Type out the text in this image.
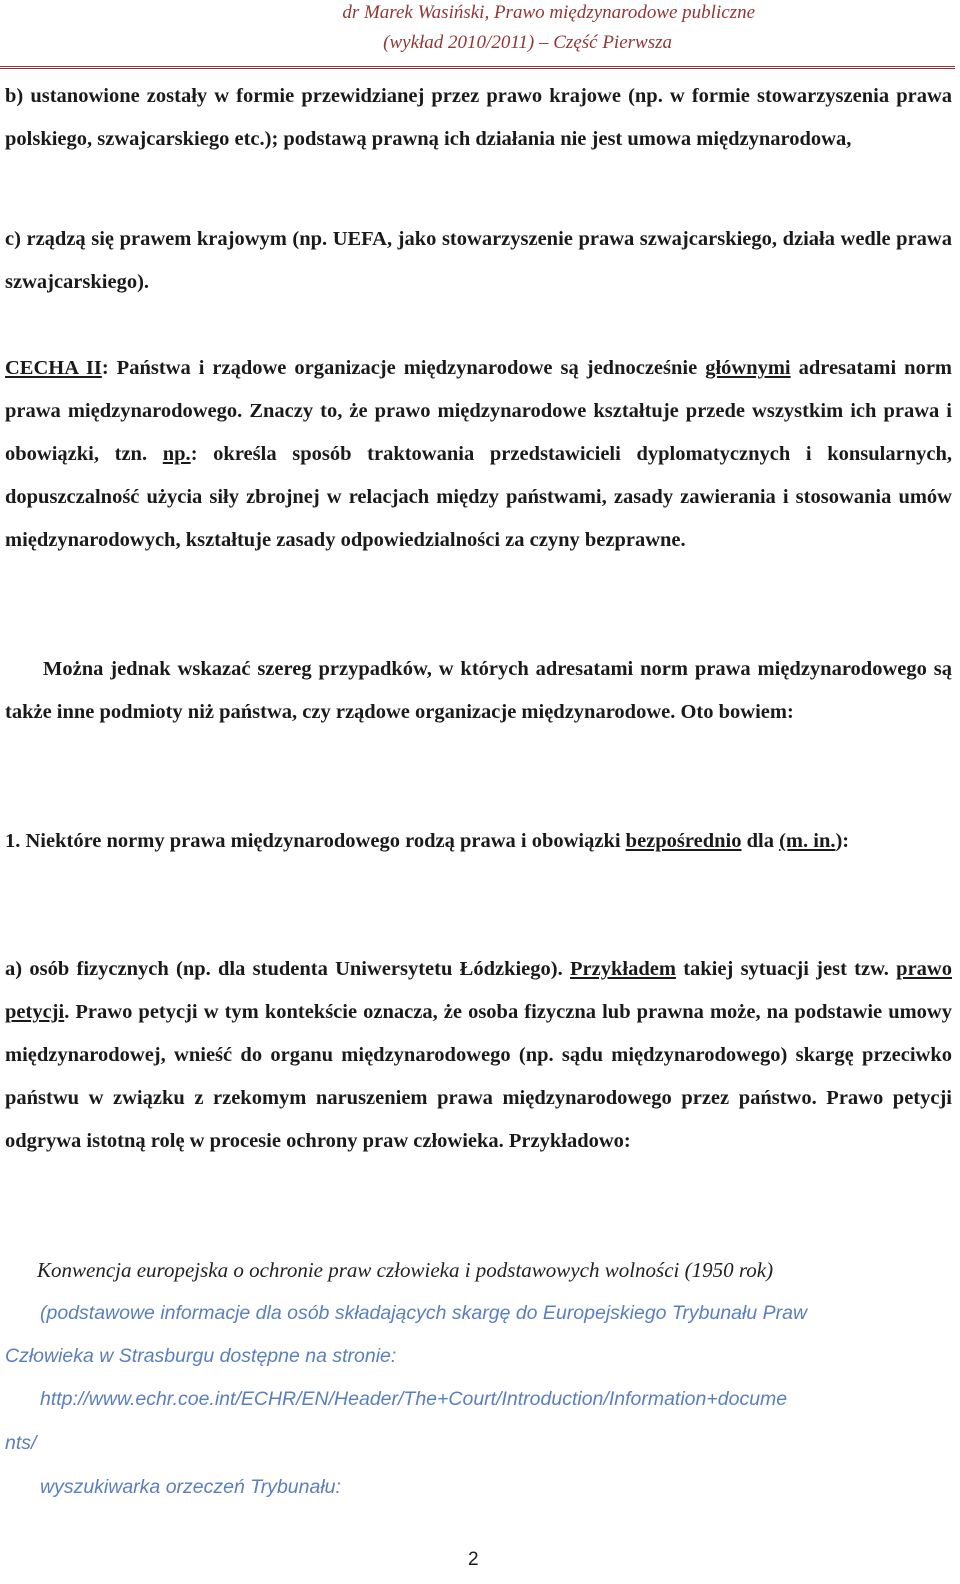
dr Marek Wasiński, Prawo międzynarodowe publiczne
(wykład 2010/2011) – Część Pierwsza

b) ustanowione zostały w formie przewidzianej przez prawo krajowe (np. w formie stowarzyszenia prawa polskiego, szwajcarskiego etc.); podstawą prawną ich działania nie jest umowa międzynarodowa,

c) rządzą się prawem krajowym (np. UEFA, jako stowarzyszenie prawa szwajcarskiego, działa wedle prawa szwajcarskiego).

CECHA II: Państwa i rządowe organizacje międzynarodowe są jednocześnie głównymi adresatami norm prawa międzynarodowego. Znaczy to, że prawo międzynarodowe kształtuje przede wszystkim ich prawa i obowiązki, tzn. np.: określa sposób traktowania przedstawicieli dyplomatycznych i konsularnych, dopuszczalność użycia siły zbrojnej w relacjach między państwami, zasady zawierania i stosowania umów międzynarodowych, kształtuje zasady odpowiedzialności za czyny bezprawne.

Można jednak wskazać szereg przypadków, w których adresatami norm prawa międzynarodowego są także inne podmioty niż państwa, czy rządowe organizacje międzynarodowe. Oto bowiem:

1. Niektóre normy prawa międzynarodowego rodzą prawa i obowiązki bezpośrednio dla (m. in.):

a) osób fizycznych (np. dla studenta Uniwersytetu Łódzkiego). Przykładem takiej sytuacji jest tzw. prawo petycji. Prawo petycji w tym kontekście oznacza, że osoba fizyczna lub prawna może, na podstawie umowy międzynarodowej, wnieść do organu międzynarodowego (np. sądu międzynarodowego) skargę przeciwko państwu w związku z rzekomym naruszeniem prawa międzynarodowego przez państwo. Prawo petycji odgrywa istotną rolę w procesie ochrony praw człowieka. Przykładowo:

Konwencja europejska o ochronie praw człowieka i podstawowych wolności (1950 rok)
(podstawowe informacje dla osób składających skargę do Europejskiego Trybunału Praw
Człowieka w Strasburgu dostępne na stronie:
http://www.echr.coe.int/ECHR/EN/Header/The+Court/Introduction/Information+docume
nts/
wyszukiwarka orzeczeń Trybunału:
2
